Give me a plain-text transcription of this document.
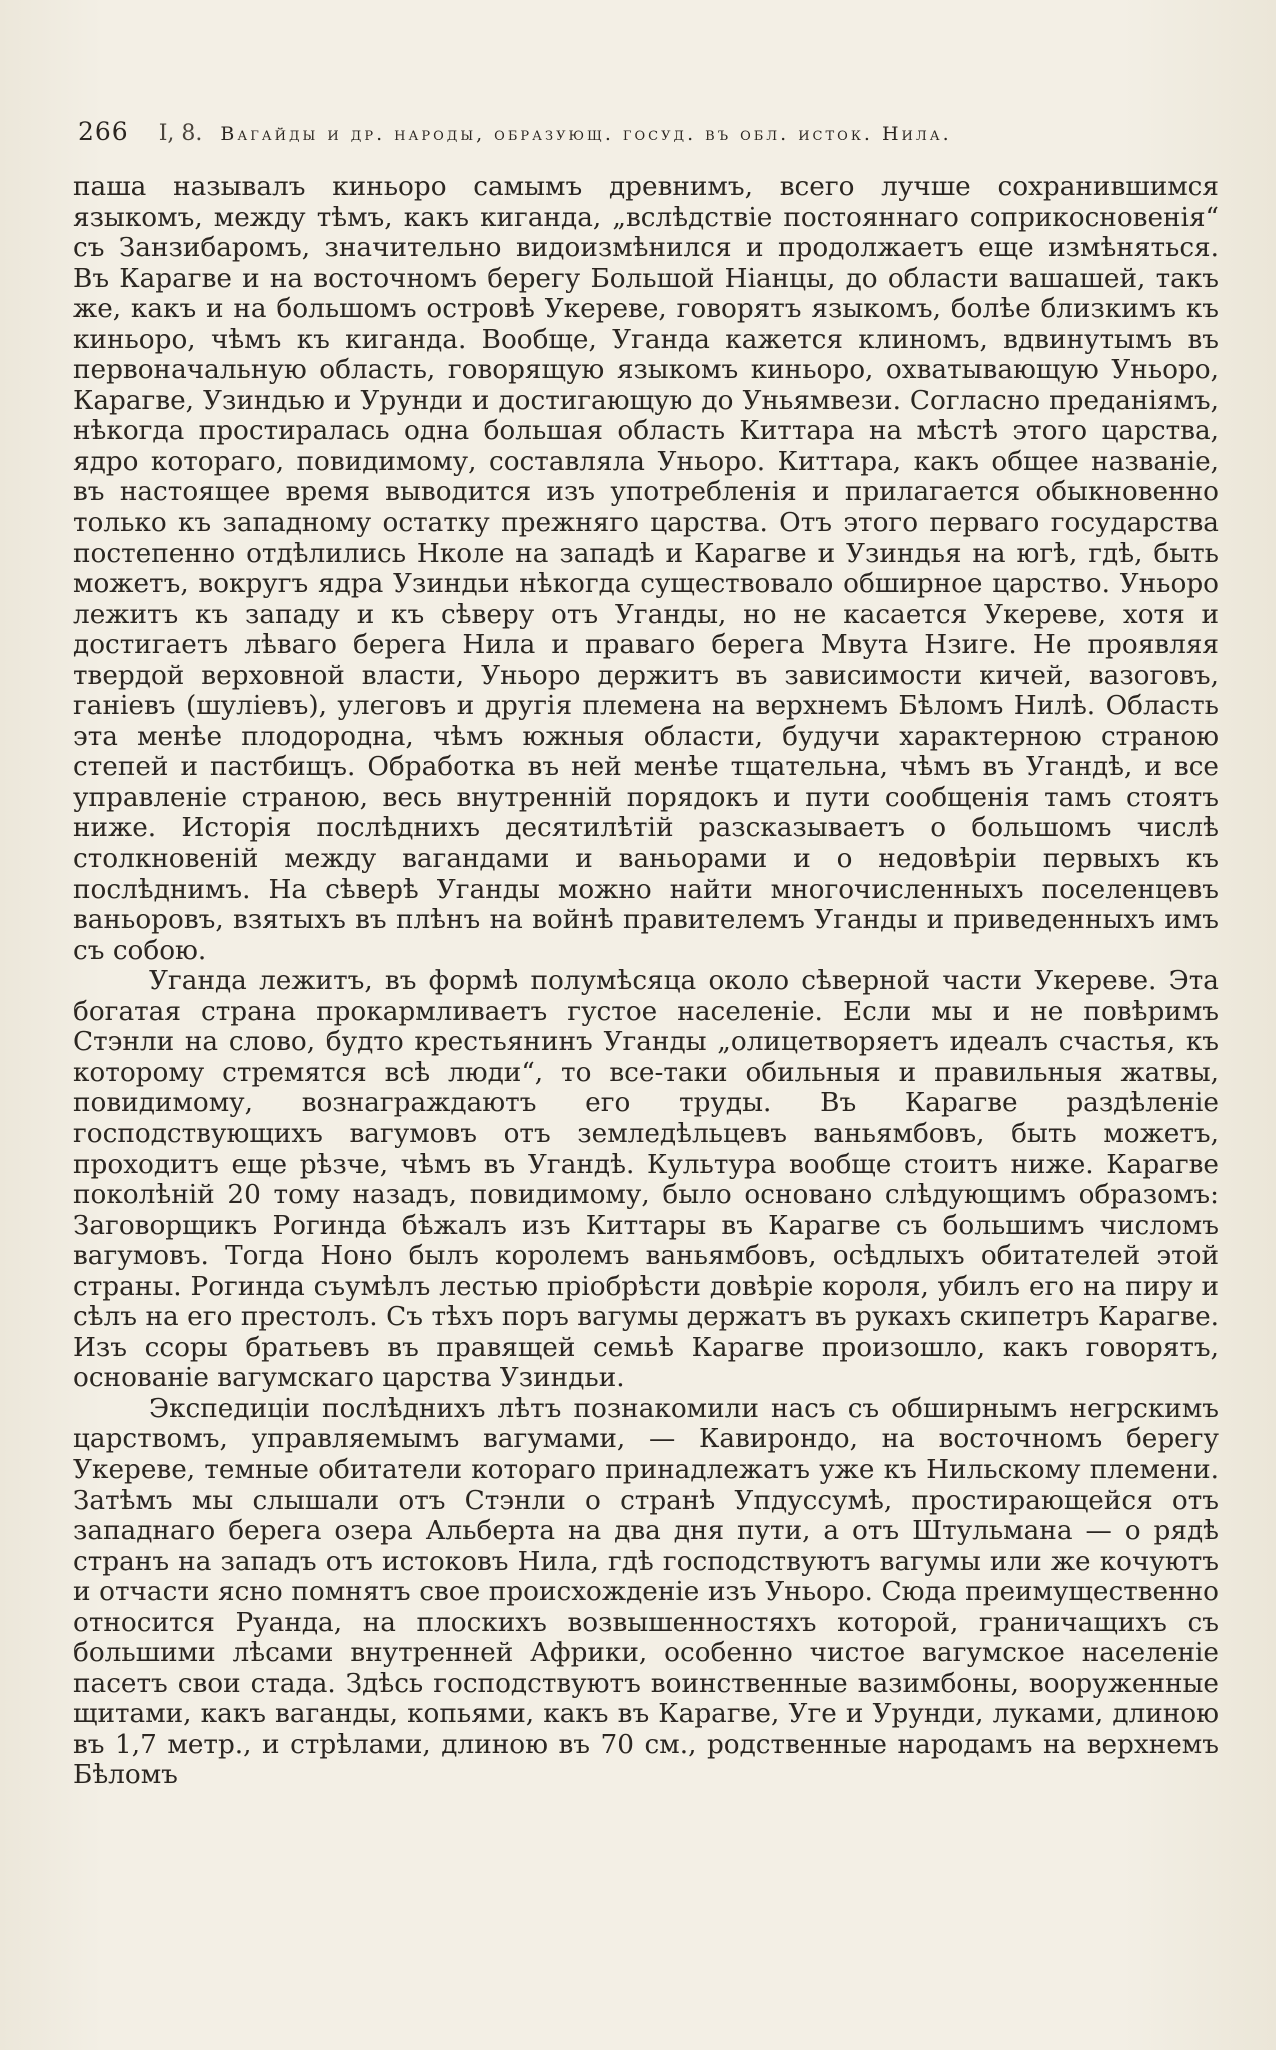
266 I, 8. Вагайды и др. народы, образующ. госуд. въ обл. исток. Нила.

паша называлъ киньоро самымъ древнимъ, всего лучше сохранившимся языкомъ, между тѣмъ, какъ киганда, „вслѣдствіе постояннаго соприкосновенія“ съ Занзибаромъ, значительно видоизмѣнился и продолжаетъ еще измѣняться. Въ Карагве и на восточномъ берегу Большой Ніанцы, до области вашашей, такъ же, какъ и на большомъ островѣ Укереве, говорятъ языкомъ, болѣе близкимъ къ киньоро, чѣмъ къ киганда. Вообще, Уганда кажется клиномъ, вдвинутымъ въ первоначальную область, говорящую языкомъ киньоро, охватывающую Уньоро, Карагве, Узиндью и Урунди и достигающую до Уньямвези. Согласно преданіямъ, нѣкогда простиралась одна большая область Киттара на мѣстѣ этого царства, ядро котораго, повидимому, составляла Уньоро. Киттара, какъ общее названіе, въ настоящее время выводится изъ употребленія и прилагается обыкновенно только къ западному остатку прежняго царства. Отъ этого перваго государства постепенно отдѣлились Нколе на западѣ и Карагве и Узиндья на югѣ, гдѣ, быть можетъ, вокругъ ядра Узиндьи нѣкогда существовало обширное царство. Уньоро лежитъ къ западу и къ сѣверу отъ Уганды, но не касается Укереве, хотя и достигаетъ лѣваго берега Нила и праваго берега Мвута Нзиге. Не проявляя твердой верховной власти, Уньоро держитъ въ зависимости кичей, вазоговъ, ганіевъ (шуліевъ), улеговъ и другія племена на верхнемъ Бѣломъ Нилѣ. Область эта менѣе плодородна, чѣмъ южныя области, будучи характерною страною степей и пастбищъ. Обработка въ ней менѣе тщательна, чѣмъ въ Угандѣ, и все управленіе страною, весь внутренній порядокъ и пути сообщенія тамъ стоятъ ниже. Исторія послѣднихъ десятилѣтій разсказываетъ о большомъ числѣ столкновеній между вагандами и ваньорами и о недовѣріи первыхъ къ послѣднимъ. На сѣверѣ Уганды можно найти многочисленныхъ поселенцевъ ваньоровъ, взятыхъ въ плѣнъ на войнѣ правителемъ Уганды и приведенныхъ имъ съ собою.

Уганда лежитъ, въ формѣ полумѣсяца около сѣверной части Укереве. Эта богатая страна прокармливаетъ густое населеніе. Если мы и не повѣримъ Стэнли на слово, будто крестьянинъ Уганды „олицетворяетъ идеалъ счастья, къ которому стремятся всѣ люди“, то все-таки обильныя и правильныя жатвы, повидимому, вознаграждаютъ его труды. Въ Карагве раздѣленіе господствующихъ вагумовъ отъ земледѣльцевъ ваньямбовъ, быть можетъ, проходитъ еще рѣзче, чѣмъ въ Угандѣ. Культура вообще стоитъ ниже. Карагве поколѣній 20 тому назадъ, повидимому, было основано слѣдующимъ образомъ: Заговорщикъ Рогинда бѣжалъ изъ Киттары въ Карагве съ большимъ числомъ вагумовъ. Тогда Ноно былъ королемъ ваньямбовъ, осѣдлыхъ обитателей этой страны. Рогинда съумѣлъ лестью пріобрѣсти довѣріе короля, убилъ его на пиру и сѣлъ на его престолъ. Съ тѣхъ поръ вагумы держатъ въ рукахъ скипетръ Карагве. Изъ ссоры братьевъ въ правящей семьѣ Карагве произошло, какъ говорятъ, основаніе вагумскаго царства Узиндьи.

Экспедиціи послѣднихъ лѣтъ познакомили насъ съ обширнымъ негрскимъ царствомъ, управляемымъ вагумами, — Кавирондо, на восточномъ берегу Укереве, темные обитатели котораго принадлежатъ уже къ Нильскому племени. Затѣмъ мы слышали отъ Стэнли о странѣ Упдуссумѣ, простирающейся отъ западнаго берега озера Альберта на два дня пути, а отъ Штульмана — о рядѣ странъ на западъ отъ истоковъ Нила, гдѣ господствуютъ вагумы или же кочуютъ и отчасти ясно помнятъ свое происхожденіе изъ Уньоро. Сюда преимущественно относится Руанда, на плоскихъ возвышенностяхъ которой, граничащихъ съ большими лѣсами внутренней Африки, особенно чистое вагумское населеніе пасетъ свои стада. Здѣсь господствуютъ воинственные вазимбоны, вооруженные щитами, какъ ваганды, копьями, какъ въ Карагве, Уге и Урунди, луками, длиною въ 1,7 метр., и стрѣлами, длиною въ 70 см., родственные народамъ на верхнемъ Бѣломъ
